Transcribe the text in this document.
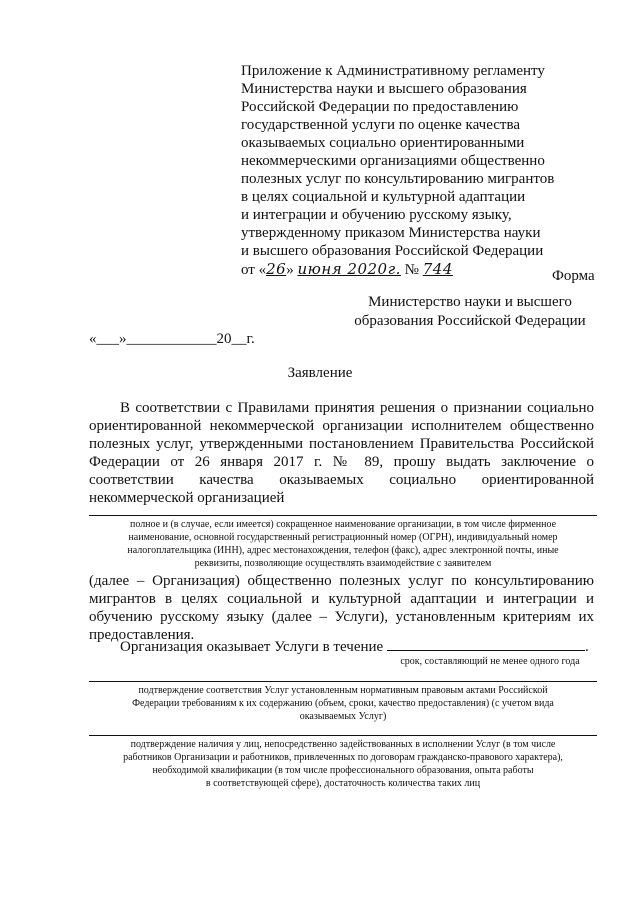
Приложение к Административному регламенту
Министерства науки и высшего образования
Российской Федерации по предоставлению
государственной услуги по оценке качества
оказываемых социально ориентированными
некоммерческими организациями общественно
полезных услуг по консультированию мигрантов
в целях социальной и культурной адаптации
и интеграции и обучению русскому языку,
утвержденному приказом Министерства науки
и высшего образования Российской Федерации
от «26» июня 2020г. № 744	Форма
Министерство науки и высшего
образования Российской Федерации
«___»____________20__г.
Заявление
В соответствии с Правилами принятия решения о признании социально ориентированной некоммерческой организации исполнителем общественно полезных услуг, утвержденными постановлением Правительства Российской Федерации от 26 января 2017 г. № 89, прошу выдать заключение о соответствии качества оказываемых социально ориентированной некоммерческой организацией
полное и (в случае, если имеется) сокращенное наименование организации, в том числе фирменное
наименование, основной государственный регистрационный номер (ОГРН), индивидуальный номер
налогоплательщика (ИНН), адрес местонахождения, телефон (факс), адрес электронной почты, иные
реквизиты, позволяющие осуществлять взаимодействие с заявителем
(далее – Организация) общественно полезных услуг по консультированию мигрантов в целях социальной и культурной адаптации и интеграции и обучению русскому языку (далее – Услуги), установленным критериям их предоставления.
Организация оказывает Услуги в течение	.
срок, составляющий не менее одного года
подтверждение соответствия Услуг установленным нормативным правовым актами Российской
Федерации требованиям к их содержанию (объем, сроки, качество предоставления) (с учетом вида
оказываемых Услуг)
подтверждение наличия у лиц, непосредственно задействованных в исполнении Услуг (в том числе
работников Организации и работников, привлеченных по договорам гражданско-правового характера),
необходимой квалификации (в том числе профессионального образования, опыта работы
в соответствующей сфере), достаточность количества таких лиц
